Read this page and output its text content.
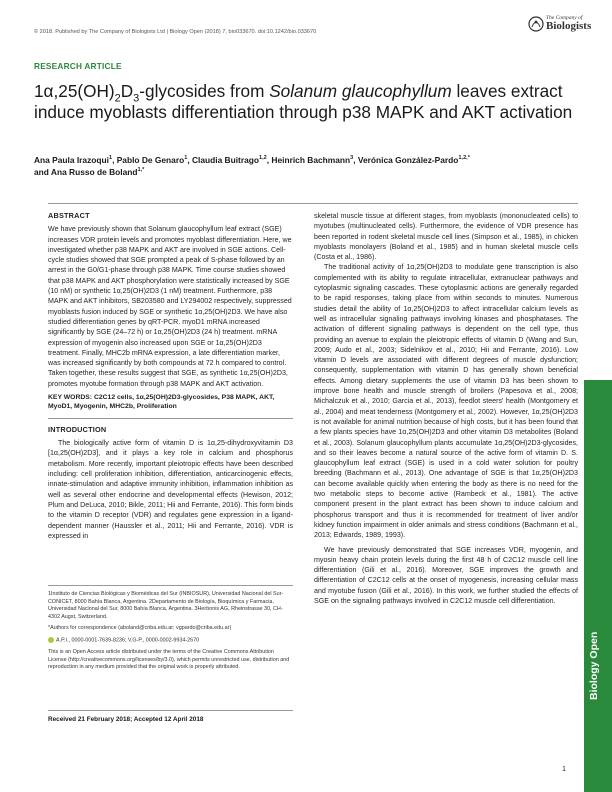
© 2018. Published by The Company of Biologists Ltd | Biology Open (2018) 7, bio033670. doi:10.1242/bio.033670
The Company of
Biologists
RESEARCH ARTICLE
$1\alpha,25(OH)_2D_3$-glycosides from Solanum glaucophyllum leaves extract induce myoblasts differentiation through p38 MAPK and AKT activation
Ana Paula Irazoqui$^1$, Pablo De Genaro$^1$, Claudia Buitrago$^{1,2}$, Heinrich Bachmann$^3$, Verónica González-Pardo$^{1,2,*}$
and Ana Russo de Boland$^{1,*}$
ABSTRACT

We have previously shown that Solanum glaucophyllum leaf extract (SGE) increases VDR protein levels and promotes myoblast differentiation. Here, we investigated whether p38 MAPK and AKT are involved in SGE actions. Cell-cycle studies showed that SGE prompted a peak of S-phase followed by an arrest in the G0/G1-phase through p38 MAPK. Time course studies showed that p38 MAPK and AKT phosphorylation were statistically increased by SGE (10 nM) or synthetic 1α,25(OH)2D3 (1 nM) treatment. Furthermore, p38 MAPK and AKT inhibitors, SB203580 and LY294002 respectively, suppressed myoblasts fusion induced by SGE or synthetic 1α,25(OH)2D3. We have also studied differentiation genes by qRT-PCR. myoD1 mRNA increased significantly by SGE (24–72 h) or 1α,25(OH)2D3 (24 h) treatment. mRNA expression of myogenin also increased upon SGE or 1α,25(OH)2D3 treatment. Finally, MHC2b mRNA expression, a late differentiation marker, was increased significantly by both compounds at 72 h compared to control. Taken together, these results suggest that SGE, as synthetic 1α,25(OH)2D3, promotes myotube formation through p38 MAPK and AKT activation.

KEY WORDS: C2C12 cells, 1α,25(OH)2D3-glycosides, P38 MAPK, AKT, MyoD1, Myogenin, MHC2b, Proliferation

INTRODUCTION

The biologically active form of vitamin D is 1α,25-dihydroxyvitamin D3 [1α,25(OH)2D3], and it plays a key role in calcium and phosphorus metabolism. More recently, important pleiotropic effects have been described including: cell proliferation inhibition, differentiation, anticarcinogenic effects, innate-stimulation and adaptive immunity inhibition, inflammation inhibition as well as several other endocrine and developmental effects (Hewison, 2012; Plum and DeLuca, 2010; Bikle, 2011; Hii and Ferrante, 2016). This form binds to the vitamin D receptor (VDR) and regulates gene expression in a ligand-dependent manner (Haussler et al., 2011; Hii and Ferrante, 2016). VDR is expressed in

skeletal muscle tissue at different stages, from myoblasts (mononucleated cells) to myotubes (multinucleated cells). Furthermore, the evidence of VDR presence has been reported in rodent skeletal muscle cell lines (Simpson et al., 1985), in chicken myoblasts monolayers (Boland et al., 1985) and in human skeletal muscle cells (Costa et al., 1986).

The traditional activity of 1α,25(OH)2D3 to modulate gene transcription is also complemented with its ability to regulate intracellular, extranuclear pathways and cytoplasmic signaling cascades. These cytoplasmic actions are generally regarded to be rapid responses, taking place from within seconds to minutes. Numerous studies detail the ability of 1α,25(OH)2D3 to affect intracellular calcium levels as well as intracellular signaling pathways involving kinases and phosphatases. The activation of different signaling pathways is dependent on the cell type, thus providing an avenue to explain the pleiotropic effects of vitamin D (Wang and Sun, 2009; Audo et al., 2003; Sidelnikov et al., 2010; Hii and Ferrante, 2016). Low vitamin D levels are associated with different degrees of muscle dysfunction; consequently, supplementation with vitamin D has generally shown beneficial effects. Among dietary supplements the use of vitamin D3 has been shown to improve bone health and muscle strength of broilers (Papesova et al., 2008; Michalczuk et al., 2010; Garcia et al., 2013), feedlot steers' health (Montgomery et al., 2004) and meat tenderness (Montgomery et al., 2002). However, 1α,25(OH)2D3 is not available for animal nutrition because of high costs, but it has been found that a few plants species have 1α,25(OH)2D3 and other vitamin D3 metabolites (Boland et al., 2003). Solanum glaucophyllum plants accumulate 1α,25(OH)2D3-glycosides, and so their leaves become a natural source of the active form of vitamin D. S. glaucophyllum leaf extract (SGE) is used in a cold water solution for poultry breeding (Bachmann et al., 2013). One advantage of SGE is that 1α,25(OH)2D3 can become available quickly when entering the body as there is no need for the two metabolic steps to become active (Rambeck et al., 1981). The active component present in the plant extract has been shown to induce calcium and phosphorus transport and thus it is recommended for treatment of liver and/or kidney function impairment in older animals and stress conditions (Bachmann et al., 2013; Edwards, 1989, 1993).

We have previously demonstrated that SGE increases VDR, myogenin, and myosin heavy chain protein levels during the first 48 h of C2C12 muscle cell line differentiation (Gili et al., 2016). Moreover, SGE improves the growth and differentiation of C2C12 cells at the onset of myogenesis, increasing cellular mass and myotube fusion (Gili et al., 2016). In this work, we further studied the effects of SGE on the signaling pathways involved in C2C12 muscle cell differentiation.

1Instituto de Ciencias Biológicas y Biomédicas del Sur (INBIOSUR), Universidad Nacional del Sur-CONICET, 8000 Bahía Blanca, Argentina. 2Departamento de Biología, Bioquímica y Farmacia, Universidad Nacional del Sur, 8000 Bahía Blanca, Argentina. 3Herbonis AG, Rheinstrasse 30, CH-4302 Augst, Switzerland.

*Authors for correspondence (aboland@criba.edu.ar; vgpardo@criba.edu.ar)

A.P.I., 0000-0001-7639-8236; V.G-P., 0000-0002-9934-2670

This is an Open Access article distributed under the terms of the Creative Commons Attribution License (http://creativecommons.org/licenses/by/3.0), which permits unrestricted use, distribution and reproduction in any medium provided that the original work is properly attributed.

Received 21 February 2018; Accepted 12 April 2018
Biology Open
1
